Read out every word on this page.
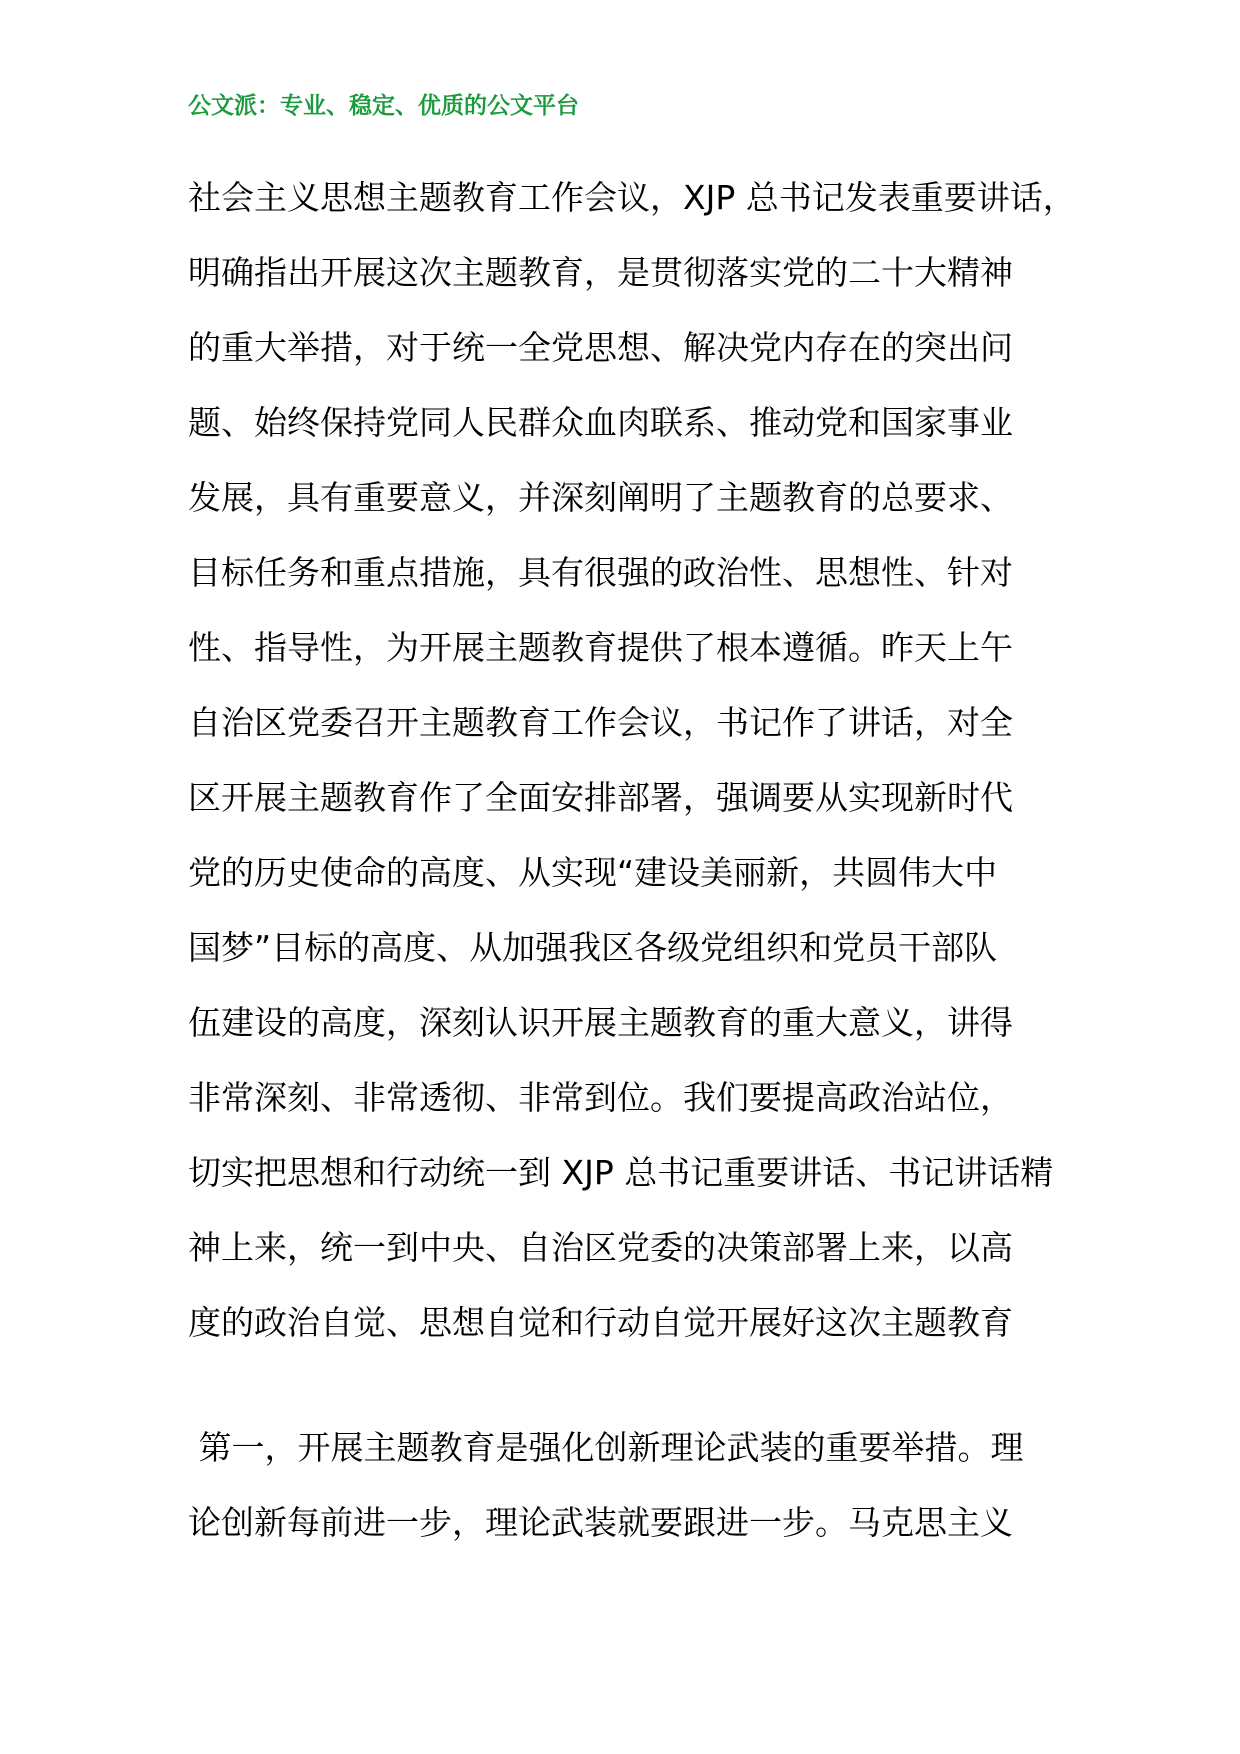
公文派：专业、稳定、优质的公文平台
社会主义思想主题教育工作会议，XJP 总书记发表重要讲话，
明确指出开展这次主题教育，是贯彻落实党的二十大精神
的重大举措，对于统一全党思想、解决党内存在的突出问
题、始终保持党同人民群众血肉联系、推动党和国家事业
发展，具有重要意义，并深刻阐明了主题教育的总要求、
目标任务和重点措施，具有很强的政治性、思想性、针对
性、指导性，为开展主题教育提供了根本遵循。昨天上午
自治区党委召开主题教育工作会议，书记作了讲话，对全
区开展主题教育作了全面安排部署，强调要从实现新时代
党的历史使命的高度、从实现“建设美丽新，共圆伟大中
国梦”目标的高度、从加强我区各级党组织和党员干部队
伍建设的高度，深刻认识开展主题教育的重大意义，讲得
非常深刻、非常透彻、非常到位。我们要提高政治站位，
切实把思想和行动统一到 XJP 总书记重要讲话、书记讲话精
神上来，统一到中央、自治区党委的决策部署上来，以高
度的政治自觉、思想自觉和行动自觉开展好这次主题教育
第一，开展主题教育是强化创新理论武装的重要举措。理
论创新每前进一步，理论武装就要跟进一步。马克思主义
